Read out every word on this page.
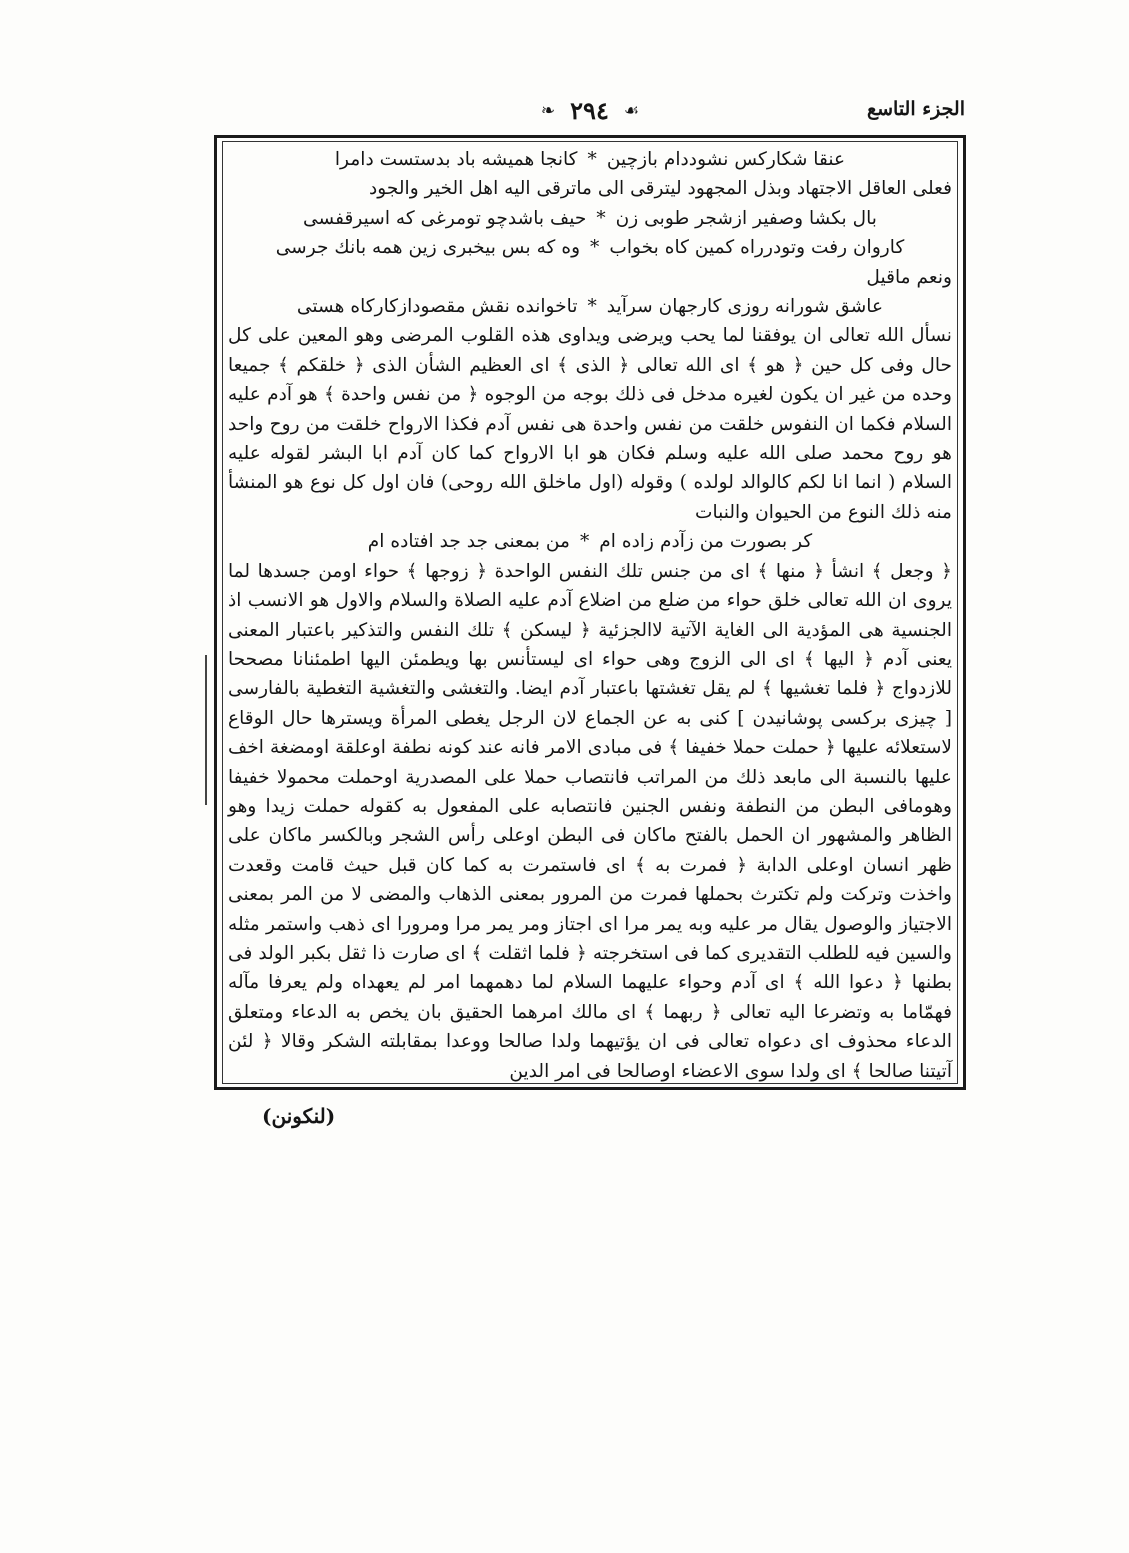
الجزء التاسع
❧ ٢٩٤ ☙

عنقا شكاركس نشوددام بازچين*كانجا هميشه باد بدستست دامرا

فعلى العاقل الاجتهاد وبذل المجهود ليترقى الى ماترقى اليه اهل الخير والجود

بال بكشا وصفير ازشجر طوبى زن*حيف باشدچو تومرغى كه اسيرقفسى

كاروان رفت وتودرراه كمين كاه بخواب*وه كه بس بيخبرى زين همه بانك جرسى

ونعم ماقيل

عاشق شورانه روزى كارجهان سرآيد*تاخوانده نقش مقصودازكاركاه هستى

نسأل الله تعالى ان يوفقنا لما يحب ويرضى ويداوى هذه القلوب المرضى وهو المعين على كل حال وفى كل حين ﴿ هو ﴾ اى الله تعالى ﴿ الذى ﴾ اى العظيم الشأن الذى ﴿ خلقكم ﴾ جميعا وحده من غير ان يكون لغيره مدخل فى ذلك بوجه من الوجوه ﴿ من نفس واحدة ﴾ هو آدم عليه السلام فكما ان النفوس خلقت من نفس واحدة هى نفس آدم فكذا الارواح خلقت من روح واحد هو روح محمد صلى الله عليه وسلم فكان هو ابا الارواح كما كان آدم ابا البشر لقوله عليه السلام ( انما انا لكم كالوالد لولده ) وقوله (اول ماخلق الله روحى) فان اول كل نوع هو المنشأ منه ذلك النوع من الحيوان والنبات

كر بصورت من زآدم زاده ام*من بمعنى جد جد افتاده ام

﴿ وجعل ﴾ انشأ ﴿ منها ﴾ اى من جنس تلك النفس الواحدة ﴿ زوجها ﴾ حواء اومن جسدها لما يروى ان الله تعالى خلق حواء من ضلع من اضلاع آدم عليه الصلاة والسلام والاول هو الانسب اذ الجنسية هى المؤدية الى الغاية الآتية لاالجزئية ﴿ ليسكن ﴾ تلك النفس والتذكير باعتبار المعنى يعنى آدم ﴿ اليها ﴾ اى الى الزوج وهى حواء اى ليستأنس بها ويطمئن اليها اطمئنانا مصححا للازدواج ﴿ فلما تغشيها ﴾ لم يقل تغشتها باعتبار آدم ايضا. والتغشى والتغشية التغطية بالفارسى [ چيزى بركسى پوشانيدن ] كنى به عن الجماع لان الرجل يغطى المرأة ويسترها حال الوقاع لاستعلائه عليها ﴿ حملت حملا خفيفا ﴾ فى مبادى الامر فانه عند كونه نطفة اوعلقة اومضغة اخف عليها بالنسبة الى مابعد ذلك من المراتب فانتصاب حملا على المصدرية اوحملت محمولا خفيفا وهومافى البطن من النطفة ونفس الجنين فانتصابه على المفعول به كقوله حملت زيدا وهو الظاهر والمشهور ان الحمل بالفتح ماكان فى البطن اوعلى رأس الشجر وبالكسر ماكان على ظهر انسان اوعلى الدابة ﴿ فمرت به ﴾ اى فاستمرت به كما كان قبل حيث قامت وقعدت واخذت وتركت ولم تكترث بحملها فمرت من المرور بمعنى الذهاب والمضى لا من المر بمعنى الاجتياز والوصول يقال مر عليه وبه يمر مرا اى اجتاز ومر يمر مرا ومرورا اى ذهب واستمر مثله والسين فيه للطلب التقديرى كما فى استخرجته ﴿ فلما اثقلت ﴾ اى صارت ذا ثقل بكبر الولد فى بطنها ﴿ دعوا الله ﴾ اى آدم وحواء عليهما السلام لما دهمهما امر لم يعهداه ولم يعرفا مآله فهمّاما به وتضرعا اليه تعالى ﴿ ربهما ﴾ اى مالك امرهما الحقيق بان يخص به الدعاء ومتعلق الدعاء محذوف اى دعواه تعالى فى ان يؤتيهما ولدا صالحا ووعدا بمقابلته الشكر وقالا ﴿ لئن آتيتنا صالحا ﴾ اى ولدا سوى الاعضاء اوصالحا فى امر الدين

(لنكونن)
